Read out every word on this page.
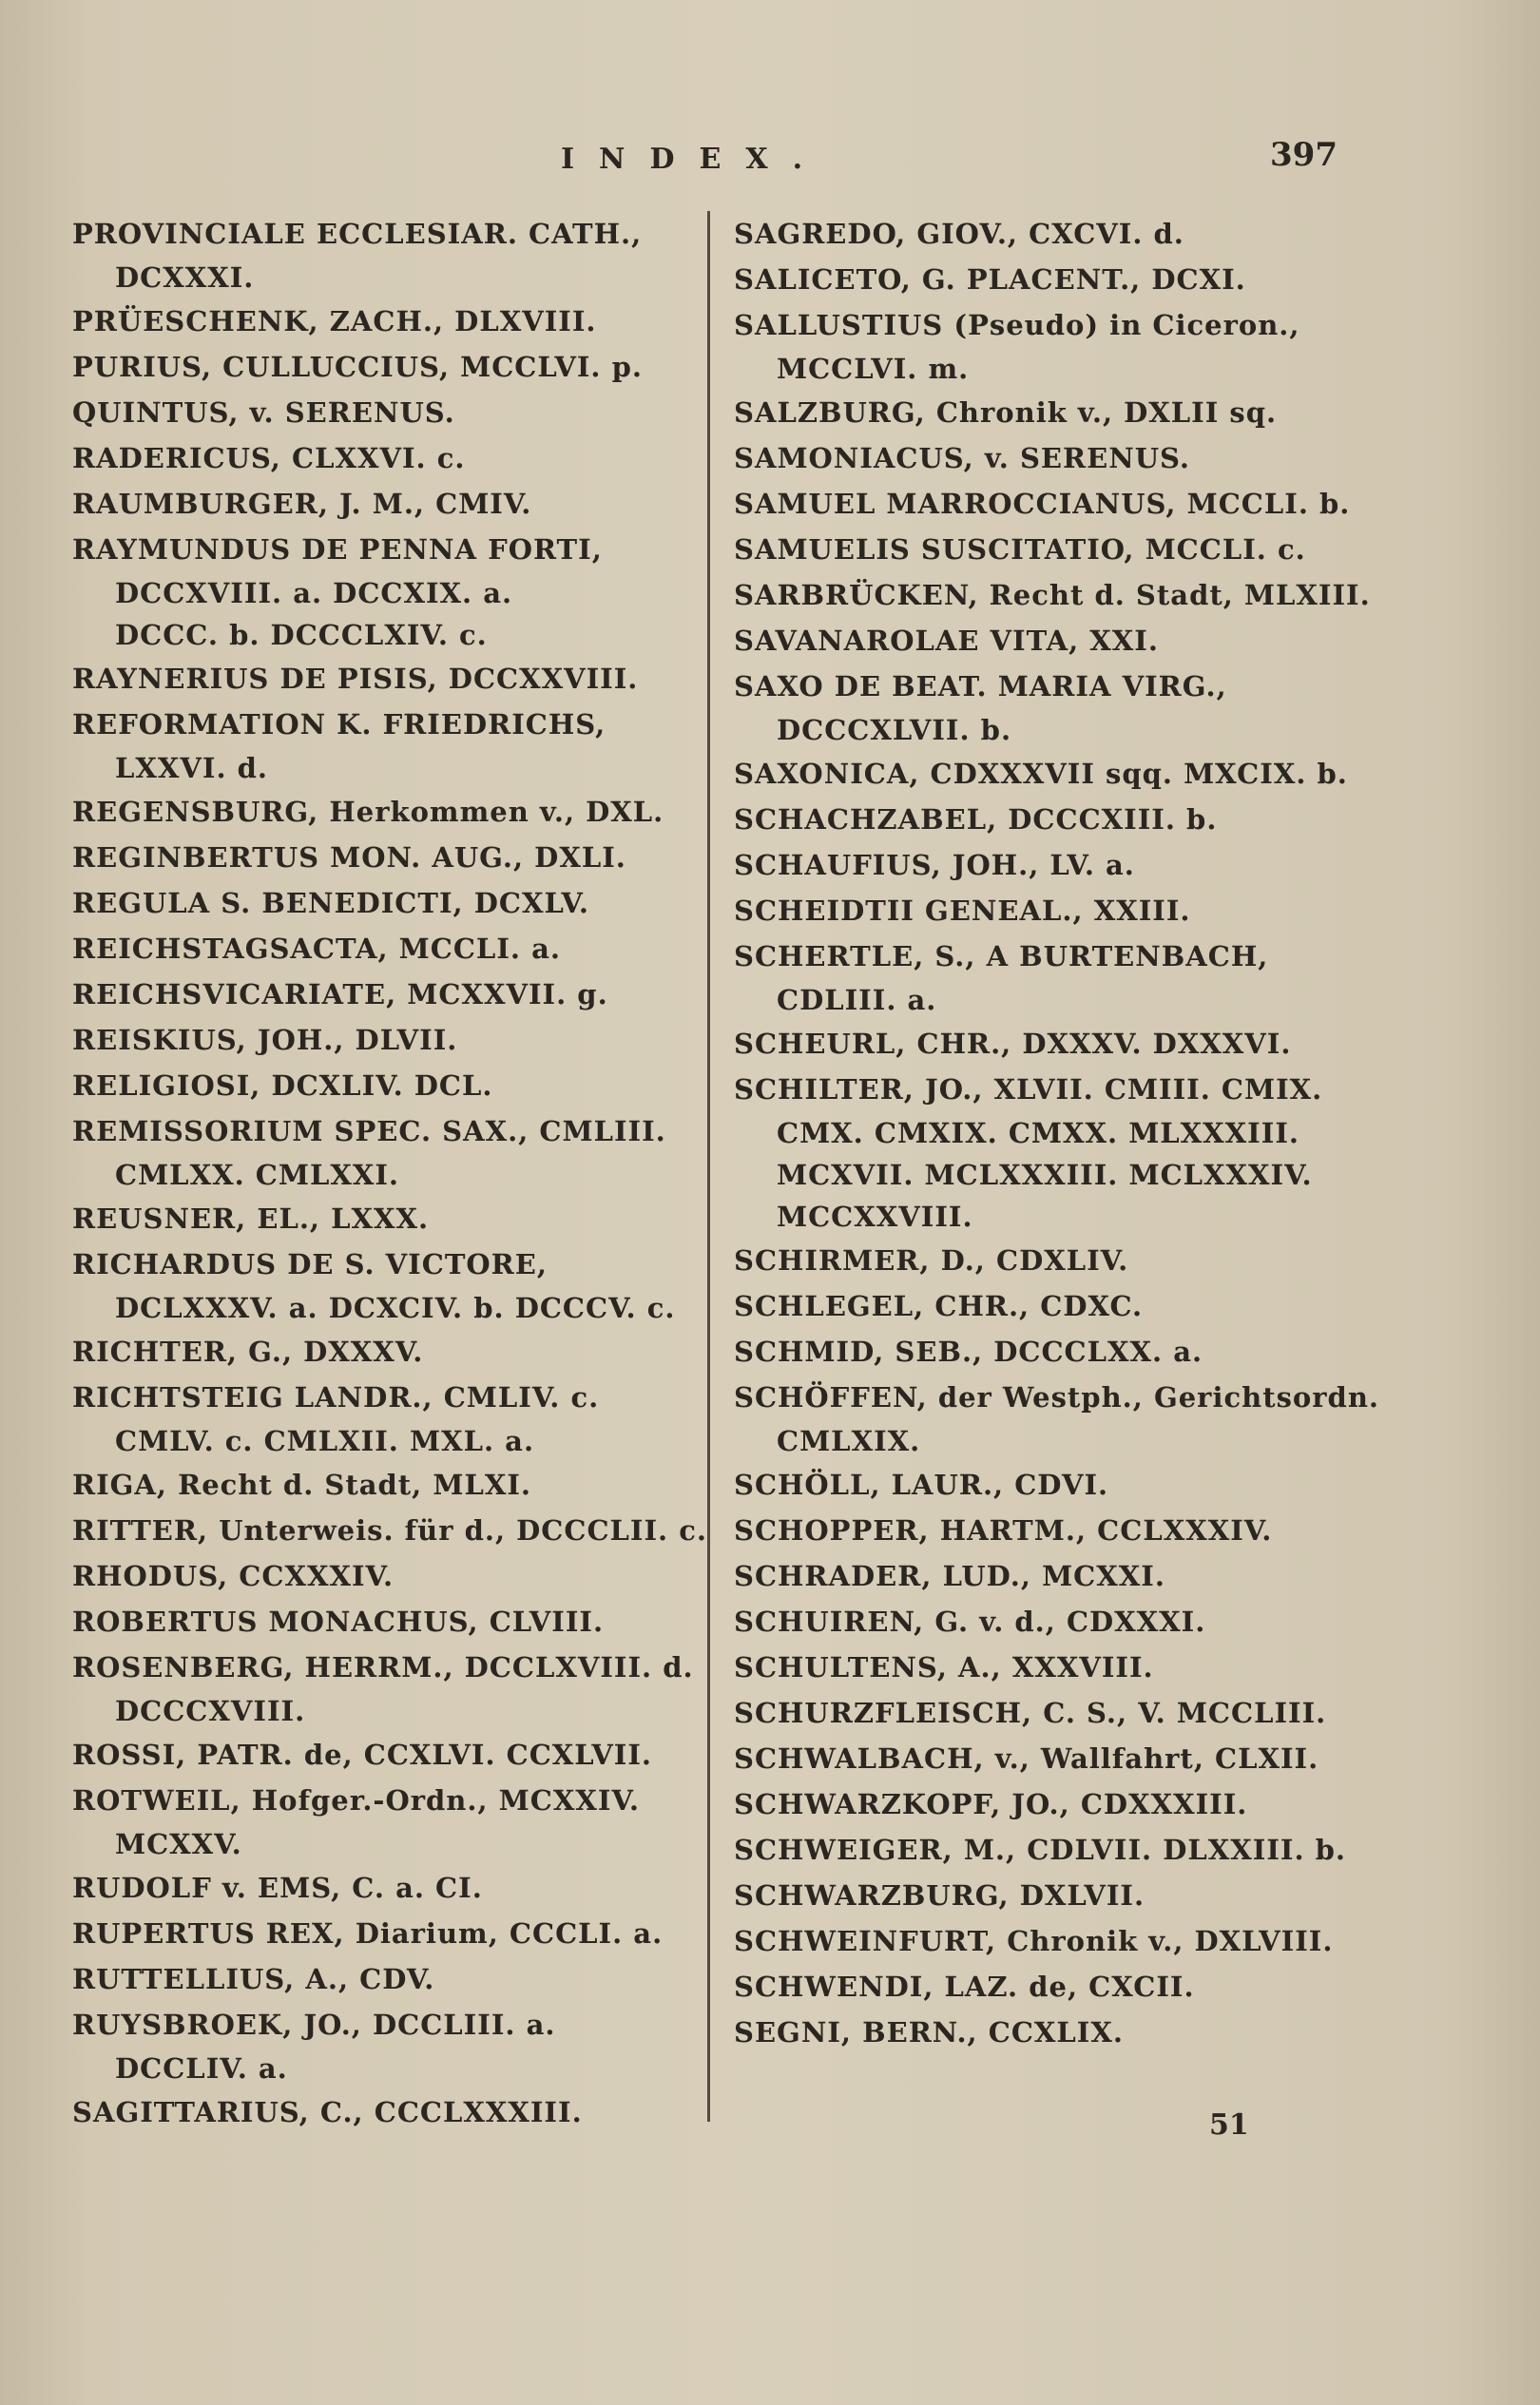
INDEX.	397
PROVINCIALE ECCLESIAR. CATH.,
DCXXXI.
PRÜESCHENK, ZACH., DLXVIII.
PURIUS, CULLUCCIUS, MCCLVI. p.
QUINTUS, v. SERENUS.
RADERICUS, CLXXVI. c.
RAUMBURGER, J. M., CMIV.
RAYMUNDUS DE PENNA FORTI,
DCCXVIII. a. DCCXIX. a.
DCCC. b. DCCCLXIV. c.
RAYNERIUS DE PISIS, DCCXXVIII.
REFORMATION K. FRIEDRICHS,
LXXVI. d.
REGENSBURG, Herkommen v., DXL.
REGINBERTUS MON. AUG., DXLI.
REGULA S. BENEDICTI, DCXLV.
REICHSTAGSACTA, MCCLI. a.
REICHSVICARIATE, MCXXVII. g.
REISKIUS, JOH., DLVII.
RELIGIOSI, DCXLIV. DCL.
REMISSORIUM SPEC. SAX., CMLIII.
CMLXX. CMLXXI.
REUSNER, EL., LXXX.
RICHARDUS DE S. VICTORE,
DCLXXXV. a. DCXCIV. b. DCCCV. c.
RICHTER, G., DXXXV.
RICHTSTEIG LANDR., CMLIV. c.
CMLV. c. CMLXII. MXL. a.
RIGA, Recht d. Stadt, MLXI.
RITTER, Unterweis. für d., DCCCLII. c.
RHODUS, CCXXXIV.
ROBERTUS MONACHUS, CLVIII.
ROSENBERG, HERRM., DCCLXVIII. d.
DCCCXVIII.
ROSSI, PATR. de, CCXLVI. CCXLVII.
ROTWEIL, Hofger.-Ordn., MCXXIV.
MCXXV.
RUDOLF v. EMS, C. a. CI.
RUPERTUS REX, Diarium, CCCLI. a.
RUTTELLIUS, A., CDV.
RUYSBROEK, JO., DCCLIII. a.
DCCLIV. a.
SAGITTARIUS, C., CCCLXXXIII.
SAGREDO, GIOV., CXCVI. d.
SALICETO, G. PLACENT., DCXI.
SALLUSTIUS (Pseudo) in Ciceron.,
MCCLVI. m.
SALZBURG, Chronik v., DXLII sq.
SAMONIACUS, v. SERENUS.
SAMUEL MARROCCIANUS, MCCLI. b.
SAMUELIS SUSCITATIO, MCCLI. c.
SARBRÜCKEN, Recht d. Stadt, MLXIII.
SAVANAROLAE VITA, XXI.
SAXO DE BEAT. MARIA VIRG.,
DCCCXLVII. b.
SAXONICA, CDXXXVII sqq. MXCIX. b.
SCHACHZABEL, DCCCXIII. b.
SCHAUFIUS, JOH., LV. a.
SCHEIDTII GENEAL., XXIII.
SCHERTLE, S., A BURTENBACH,
CDLIII. a.
SCHEURL, CHR., DXXXV. DXXXVI.
SCHILTER, JO., XLVII. CMIII. CMIX.
CMX. CMXIX. CMXX. MLXXXIII.
MCXVII. MCLXXXIII. MCLXXXIV.
MCCXXVIII.
SCHIRMER, D., CDXLIV.
SCHLEGEL, CHR., CDXC.
SCHMID, SEB., DCCCLXX. a.
SCHÖFFEN, der Westph., Gerichtsordn.
CMLXIX.
SCHÖLL, LAUR., CDVI.
SCHOPPER, HARTM., CCLXXXIV.
SCHRADER, LUD., MCXXI.
SCHUIREN, G. v. d., CDXXXI.
SCHULTENS, A., XXXVIII.
SCHURZFLEISCH, C. S., V. MCCLIII.
SCHWALBACH, v., Wallfahrt, CLXII.
SCHWARZKOPF, JO., CDXXXIII.
SCHWEIGER, M., CDLVII. DLXXIII. b.
SCHWARZBURG, DXLVII.
SCHWEINFURT, Chronik v., DXLVIII.
SCHWENDI, LAZ. de, CXCII.
SEGNI, BERN., CCXLIX.
51
